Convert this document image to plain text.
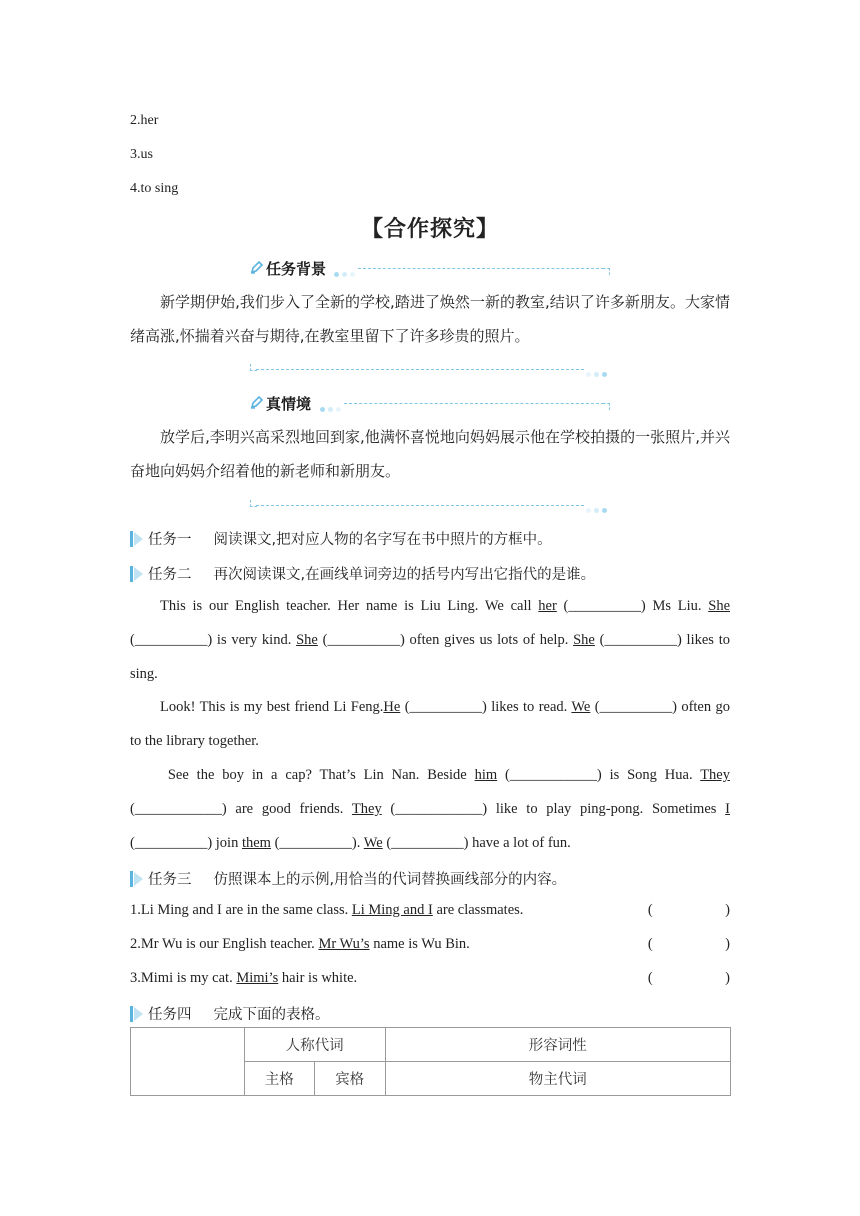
2.her
3.us
4.to sing
【合作探究】
任务背景
新学期伊始,我们步入了全新的学校,踏进了焕然一新的教室,结识了许多新朋友。大家情绪高涨,怀揣着兴奋与期待,在教室里留下了许多珍贵的照片。
真情境
放学后,李明兴高采烈地回到家,他满怀喜悦地向妈妈展示他在学校拍摄的一张照片,并兴奋地向妈妈介绍着他的新老师和新朋友。
任务一 阅读课文,把对应人物的名字写在书中照片的方框中。
任务二 再次阅读课文,在画线单词旁边的括号内写出它指代的是谁。
This is our English teacher. Her name is Liu Ling. We call her (__________) Ms Liu. She (__________) is very kind. She (__________) often gives us lots of help. She (__________) likes to sing.
Look! This is my best friend Li Feng.He (__________) likes to read. We (__________) often go to the library together.
See the boy in a cap? That’s Lin Nan. Beside him (____________) is Song Hua. They (____________) are good friends. They (____________) like to play ping-pong. Sometimes I (__________) join them (__________). We (__________) have a lot of fun.
任务三 仿照课本上的示例,用恰当的代词替换画线部分的内容。
1.Li Ming and I are in the same class. Li Ming and I are classmates.	(                    )
2.Mr Wu is our English teacher. Mr Wu’s name is Wu Bin.	(                    )
3.Mimi is my cat. Mimi’s hair is white.	(                    )
任务四 完成下面的表格。
	人称代词		形容词性
	主格	宾格	物主代词
